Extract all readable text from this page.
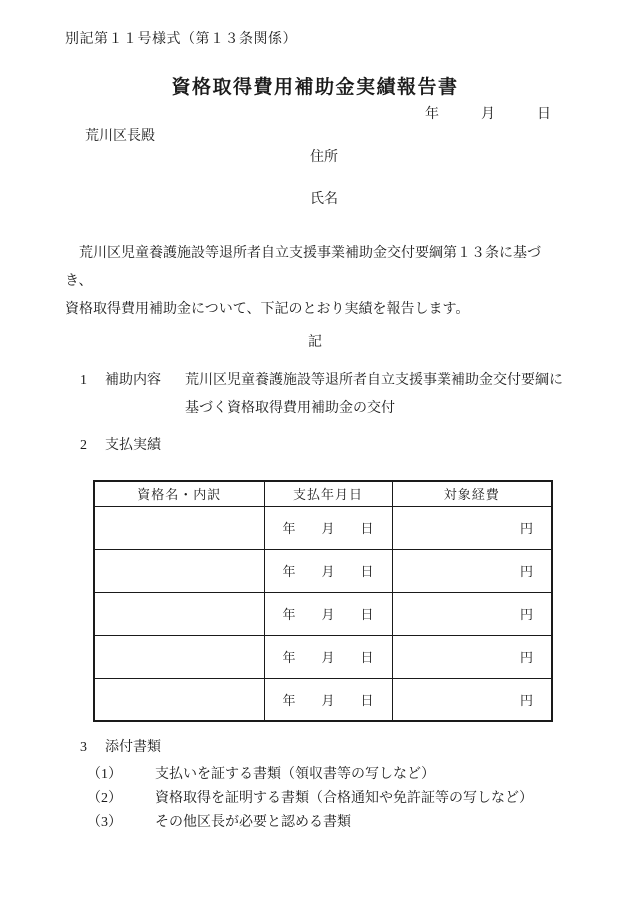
別記第１１号様式（第１３条関係）
資格取得費用補助金実績報告書
年　　　月　　　日
荒川区長殿
住所
氏名
荒川区児童養護施設等退所者自立支援事業補助金交付要綱第１３条に基づき、
資格取得費用補助金について、下記のとおり実績を報告します。
記
1	補助内容	荒川区児童養護施設等退所者自立支援事業補助金交付要綱に
基づく資格取得費用補助金の交付
2	支払実績
資格名・内訳	支払年月日	対象経費
	年　　月　　日	円
	年　　月　　日	円
	年　　月　　日	円
	年　　月　　日	円
	年　　月　　日	円
3	添付書類
（1）	支払いを証する書類（領収書等の写しなど）
（2）	資格取得を証明する書類（合格通知や免許証等の写しなど）
（3）	その他区長が必要と認める書類
